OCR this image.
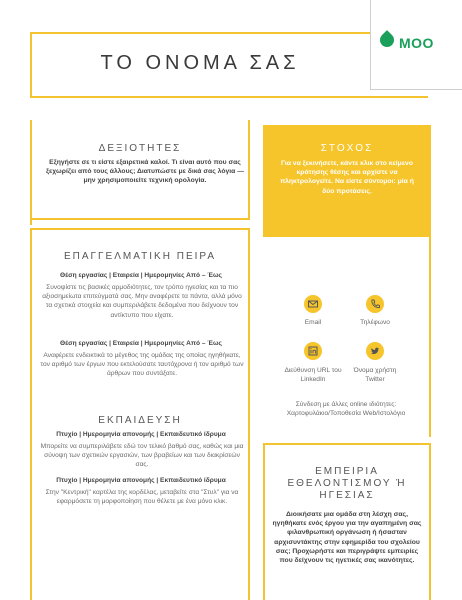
ΤΟ ΟΝΟΜΑ ΣΑΣ
MOO
ΔΕΞΙΟΤΗΤΕΣ
Εξηγήστε σε τι είστε εξαιρετικά καλοί. Τι είναι αυτό που σας ξεχωρίζει από τους άλλους; Διατυπώστε με δικά σας λόγια — μην χρησιμοποιείτε τεχνική ορολογία.
ΣΤΟΧΟΣ
Για να ξεκινήσετε, κάντε κλικ στο κείμενο κράτησης θέσης και αρχίστε να πληκτρολογείτε. Να είστε σύντομοι: μία ή δύο προτάσεις.
ΕΠΑΓΓΕΛΜΑΤΙΚΗ ΠΕΙΡΑ
Θέση εργασίας | Εταιρεία | Ημερομηνίες Από – Έως
Συνοψίστε τις βασικές αρμοδιότητες, τον τρόπο ηγεσίας και τα πιο αξιοσημείωτα επιτεύγματά σας. Μην αναφέρετε τα πάντα, αλλά μόνο τα σχετικά στοιχεία και συμπεριλάβετε δεδομένα που δείχνουν τον αντίκτυπο που είχατε.
Θέση εργασίας | Εταιρεία | Ημερομηνίες Από – Έως
Αναφέρετε ενδεικτικά το μέγεθος της ομάδας της οποίας ηγηθήκατε, τον αριθμό των έργων που εκτελούσατε ταυτόχρονα ή τον αριθμό των άρθρων που συντάξατε.
Email	Τηλέφωνο
Διεύθυνση URL του LinkedIn
Όνομα χρήστη Twitter
Σύνδεση με άλλες online ιδιότητες: Χαρτοφυλάκιο/Τοποθεσία Web/Ιστολόγιο
ΕΚΠΑΙΔΕΥΣΗ
Πτυχίο | Ημερομηνία απονομής | Εκπαιδευτικό ίδρυμα
Μπορείτε να συμπεριλάβετε εδώ τον τελικό βαθμό σας, καθώς και μια σύνοψη των σχετικών εργασιών, των βραβείων και των διακρίσεών σας.
Πτυχίο | Ημερομηνία απονομής | Εκπαιδευτικό ίδρυμα
Στην "Κεντρική" καρτέλα της κορδέλας, μεταβείτε στα "Στυλ" για να εφαρμόσετε τη μορφοποίηση που θέλετε με ένα μόνο κλικ.
ΕΜΠΕΙΡΙΑ ΕΘΕΛΟΝΤΙΣΜΟΥ Ή ΗΓΕΣΙΑΣ
Διοικήσατε μια ομάδα στη λέσχη σας, ηγηθήκατε ενός έργου για την αγαπημένη σας φιλανθρωπική οργάνωση ή ήσασταν αρχισυντάκτης στην εφημερίδα του σχολείου σας; Προχωρήστε και περιγράψτε εμπειρίες που δείχνουν τις ηγετικές σας ικανότητες.
